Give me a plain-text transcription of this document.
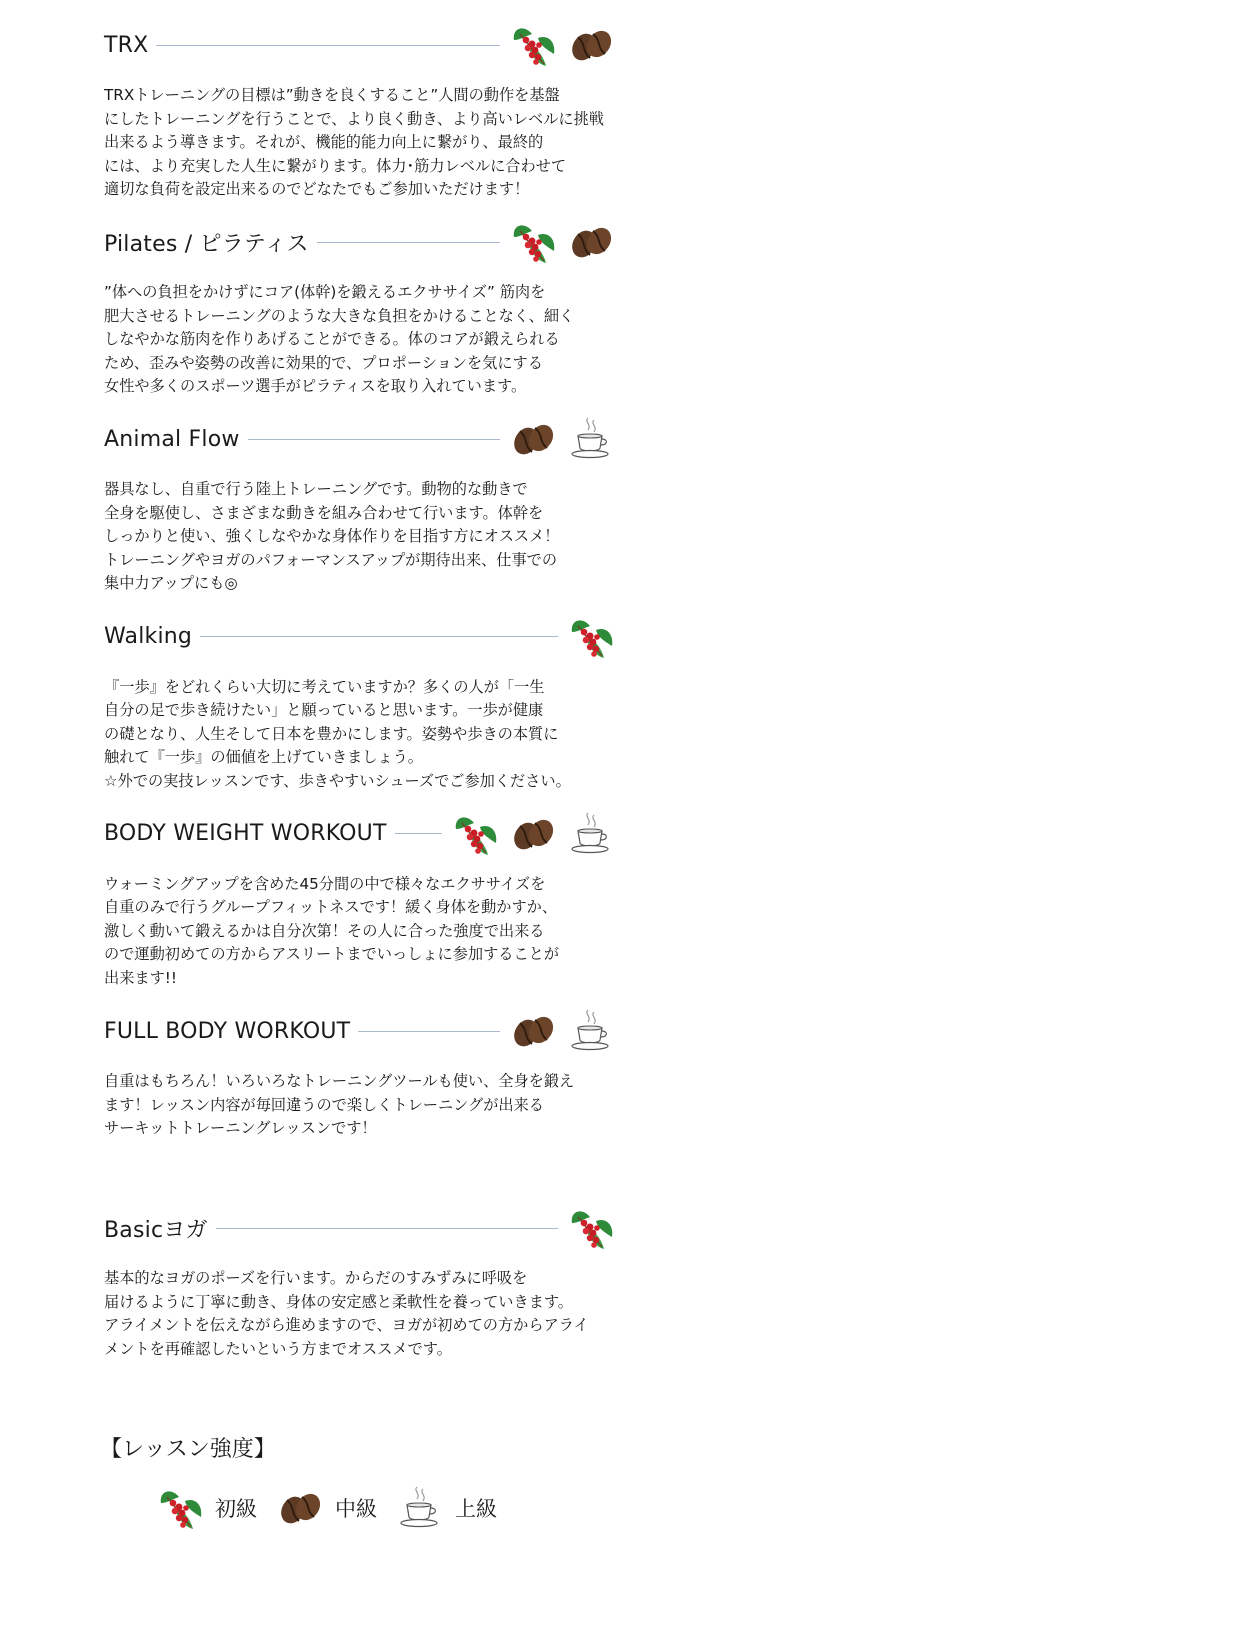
TRX
TRXトレーニングの目標は”動きを良くすること”人間の動作を基盤
にしたトレーニングを行うことで、より良く動き、より高いレベルに挑戦
出来るよう導きます。それが、機能的能力向上に繋がり、最終的
には、より充実した人生に繋がります。体力･筋力レベルに合わせて
適切な負荷を設定出来るのでどなたでもご参加いただけます！
Pilates / ピラティス
”体への負担をかけずにコア(体幹)を鍛えるエクササイズ” 筋肉を
肥大させるトレーニングのような大きな負担をかけることなく、細く
しなやかな筋肉を作りあげることができる。体のコアが鍛えられる
ため、歪みや姿勢の改善に効果的で、プロポーションを気にする
女性や多くのスポーツ選手がピラティスを取り入れています。
Animal Flow
器具なし、自重で行う陸上トレーニングです。動物的な動きで
全身を駆使し、さまざまな動きを組み合わせて行います。体幹を
しっかりと使い、強くしなやかな身体作りを目指す方にオススメ！
トレーニングやヨガのパフォーマンスアップが期待出来、仕事での
集中力アップにも◎
Walking
『一歩』をどれくらい大切に考えていますか？多くの人が「一生
自分の足で歩き続けたい」と願っていると思います。一歩が健康
の礎となり、人生そして日本を豊かにします。姿勢や歩きの本質に
触れて『一歩』の価値を上げていきましょう。
☆外での実技レッスンです、歩きやすいシューズでご参加ください。
BODY WEIGHT WORKOUT
ウォーミングアップを含めた45分間の中で様々なエクササイズを
自重のみで行うグループフィットネスです！緩く身体を動かすか、
激しく動いて鍛えるかは自分次第！その人に合った強度で出来る
ので運動初めての方からアスリートまでいっしょに参加することが
出来ます!!
FULL BODY WORKOUT
自重はもちろん！いろいろなトレーニングツールも使い、全身を鍛え
ます！レッスン内容が毎回違うので楽しくトレーニングが出来る
サーキットトレーニングレッスンです！
Basicヨガ
基本的なヨガのポーズを行います。からだのすみずみに呼吸を
届けるように丁寧に動き、身体の安定感と柔軟性を養っていきます。
アライメントを伝えながら進めますので、ヨガが初めての方からアライ
メントを再確認したいという方までオススメです。
【レッスン強度】
初級	中級	上級
